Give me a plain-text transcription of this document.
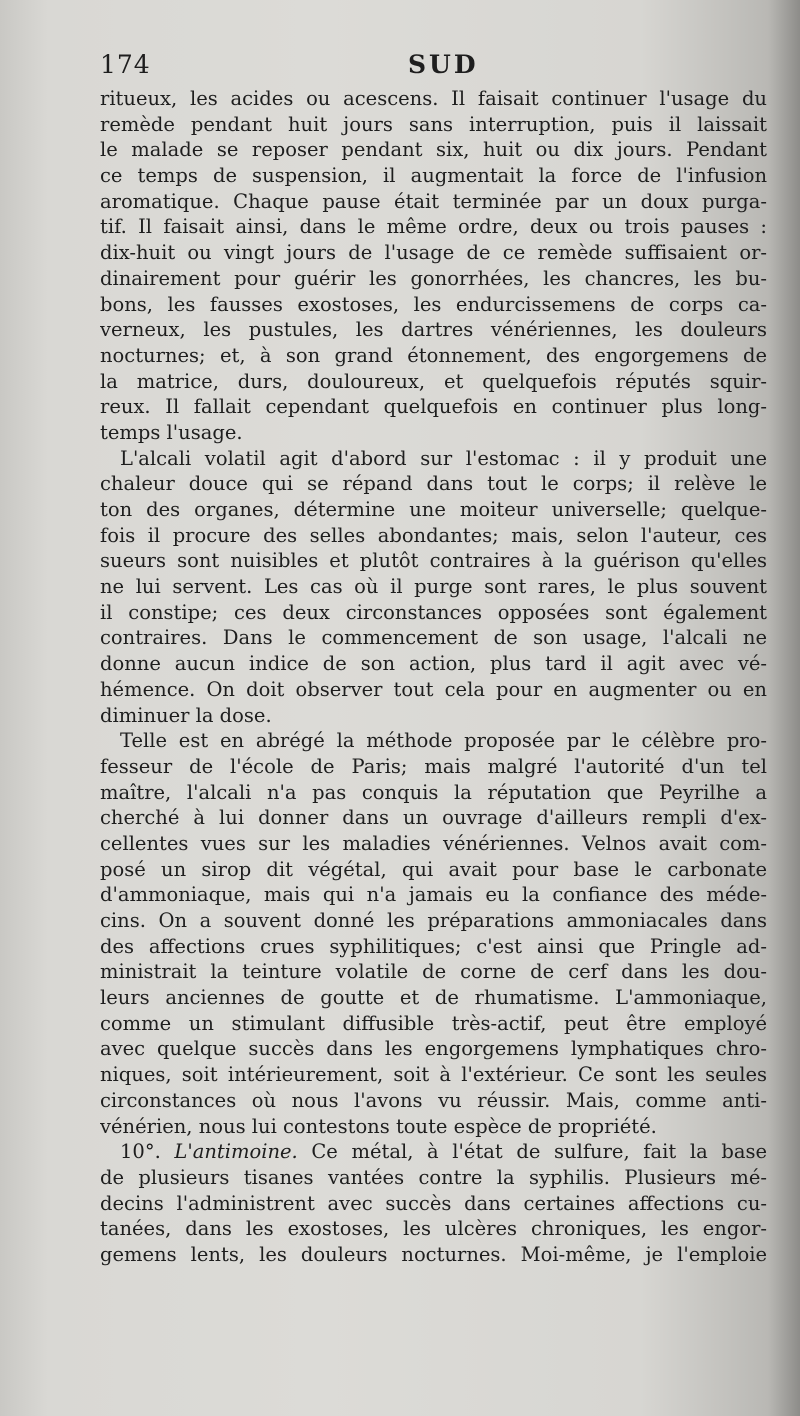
174	SUD
ritueux, les acides ou acescens. Il faisait continuer l'usage du
remède pendant huit jours sans interruption, puis il laissait
le malade se reposer pendant six, huit ou dix jours. Pendant
ce temps de suspension, il augmentait la force de l'infusion
aromatique. Chaque pause était terminée par un doux purga-
tif. Il faisait ainsi, dans le même ordre, deux ou trois pauses :
dix-huit ou vingt jours de l'usage de ce remède suffisaient or-
dinairement pour guérir les gonorrhées, les chancres, les bu-
bons, les fausses exostoses, les endurcissemens de corps ca-
verneux, les pustules, les dartres vénériennes, les douleurs
nocturnes; et, à son grand étonnement, des engorgemens de
la matrice, durs, douloureux, et quelquefois réputés squir-
reux. Il fallait cependant quelquefois en continuer plus long-
temps l'usage.
L'alcali volatil agit d'abord sur l'estomac : il y produit une
chaleur douce qui se répand dans tout le corps; il relève le
ton des organes, détermine une moiteur universelle; quelque-
fois il procure des selles abondantes; mais, selon l'auteur, ces
sueurs sont nuisibles et plutôt contraires à la guérison qu'elles
ne lui servent. Les cas où il purge sont rares, le plus souvent
il constipe; ces deux circonstances opposées sont également
contraires. Dans le commencement de son usage, l'alcali ne
donne aucun indice de son action, plus tard il agit avec vé-
hémence. On doit observer tout cela pour en augmenter ou en
diminuer la dose.
Telle est en abrégé la méthode proposée par le célèbre pro-
fesseur de l'école de Paris; mais malgré l'autorité d'un tel
maître, l'alcali n'a pas conquis la réputation que Peyrilhe a
cherché à lui donner dans un ouvrage d'ailleurs rempli d'ex-
cellentes vues sur les maladies vénériennes. Velnos avait com-
posé un sirop dit végétal, qui avait pour base le carbonate
d'ammoniaque, mais qui n'a jamais eu la confiance des méde-
cins. On a souvent donné les préparations ammoniacales dans
des affections crues syphilitiques; c'est ainsi que Pringle ad-
ministrait la teinture volatile de corne de cerf dans les dou-
leurs anciennes de goutte et de rhumatisme. L'ammoniaque,
comme un stimulant diffusible très-actif, peut être employé
avec quelque succès dans les engorgemens lymphatiques chro-
niques, soit intérieurement, soit à l'extérieur. Ce sont les seules
circonstances où nous l'avons vu réussir. Mais, comme anti-
vénérien, nous lui contestons toute espèce de propriété.
10°. L'antimoine. Ce métal, à l'état de sulfure, fait la base
de plusieurs tisanes vantées contre la syphilis. Plusieurs mé-
decins l'administrent avec succès dans certaines affections cu-
tanées, dans les exostoses, les ulcères chroniques, les engor-
gemens lents, les douleurs nocturnes. Moi-même, je l'emploie
